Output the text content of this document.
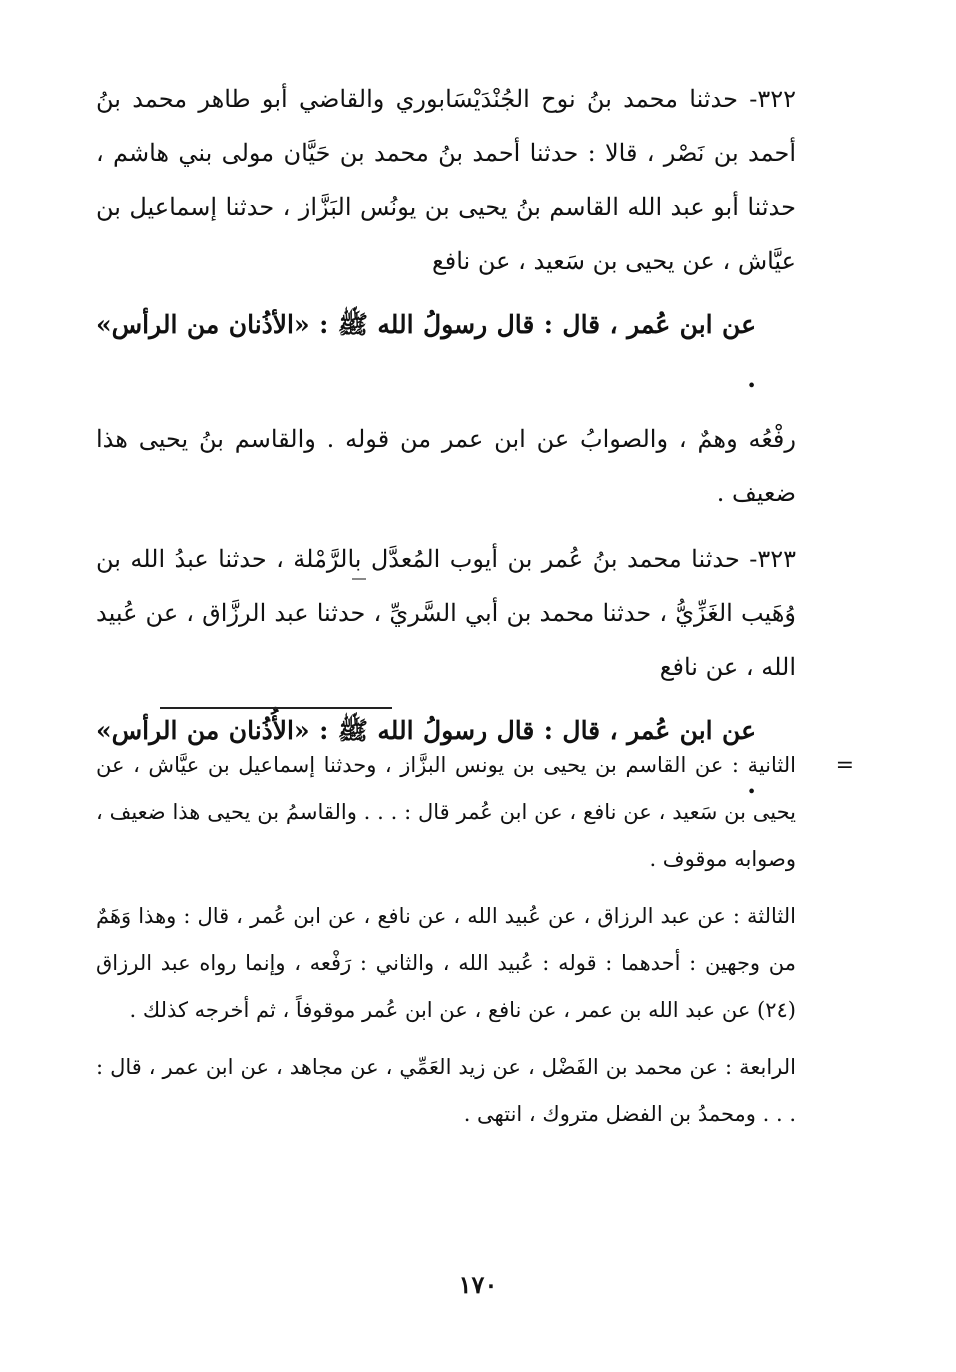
٣٢٢- حدثنا محمد بنُ نوح الجُنْدَيْسَابوري والقاضي أبو طاهر محمد بنُ أحمد بن نَصْر ، قالا : حدثنا أحمد بنُ محمد بن حَيَّان مولى بني هاشم ، حدثنا أبو عبد الله القاسم بنُ يحيى بن يونُس البَزَّاز ، حدثنا إسماعيل بن عيَّاش ، عن يحيى بن سَعيد ، عن نافع

عن ابن عُمر ، قال : قال رسولُ الله ﷺ : «الأذُنان من الرأس» .

رفْعُه وهمٌ ، والصوابُ عن ابن عمر من قوله . والقاسم بنُ يحيى هذا ضعيف .

٣٢٣- حدثنا محمد بنُ عُمر بن أيوب المُعدَّل بالرَّمْلة ، حدثنا عبدُ الله بن وُهَيب الغَزِّيُّ ، حدثنا محمد بن أبي السَّريِّ ، حدثنا عبد الرزَّاق ، عن عُبيد الله ، عن نافع

عن ابن عُمر ، قال : قال رسولُ الله ﷺ : «الأُذُنان من الرأس» .

=
الثانية : عن القاسم بن يحيى بن يونس البزَّاز ، وحدثنا إسماعيل بن عيَّاش ، عن يحيى بن سَعيد ، عن نافع ، عن ابن عُمر قال : . . . والقاسمُ بن يحيى هذا ضعيف ، وصوابه موقوف .

الثالثة : عن عبد الرزاق ، عن عُبيد الله ، عن نافع ، عن ابن عُمر ، قال : وهذا وَهَمٌ من وجهين : أحدهما : قوله : عُبيد الله ، والثاني : رَفْعه ، وإنما رواه عبد الرزاق (٢٤) عن عبد الله بن عمر ، عن نافع ، عن ابن عُمر موقوفاً ، ثم أخرجه كذلك .

الرابعة : عن محمد بن الفَضْل ، عن زيد العَمِّي ، عن مجاهد ، عن ابن عمر ، قال : . . . ومحمدُ بن الفضل متروك ، انتهى .

١٧٠
